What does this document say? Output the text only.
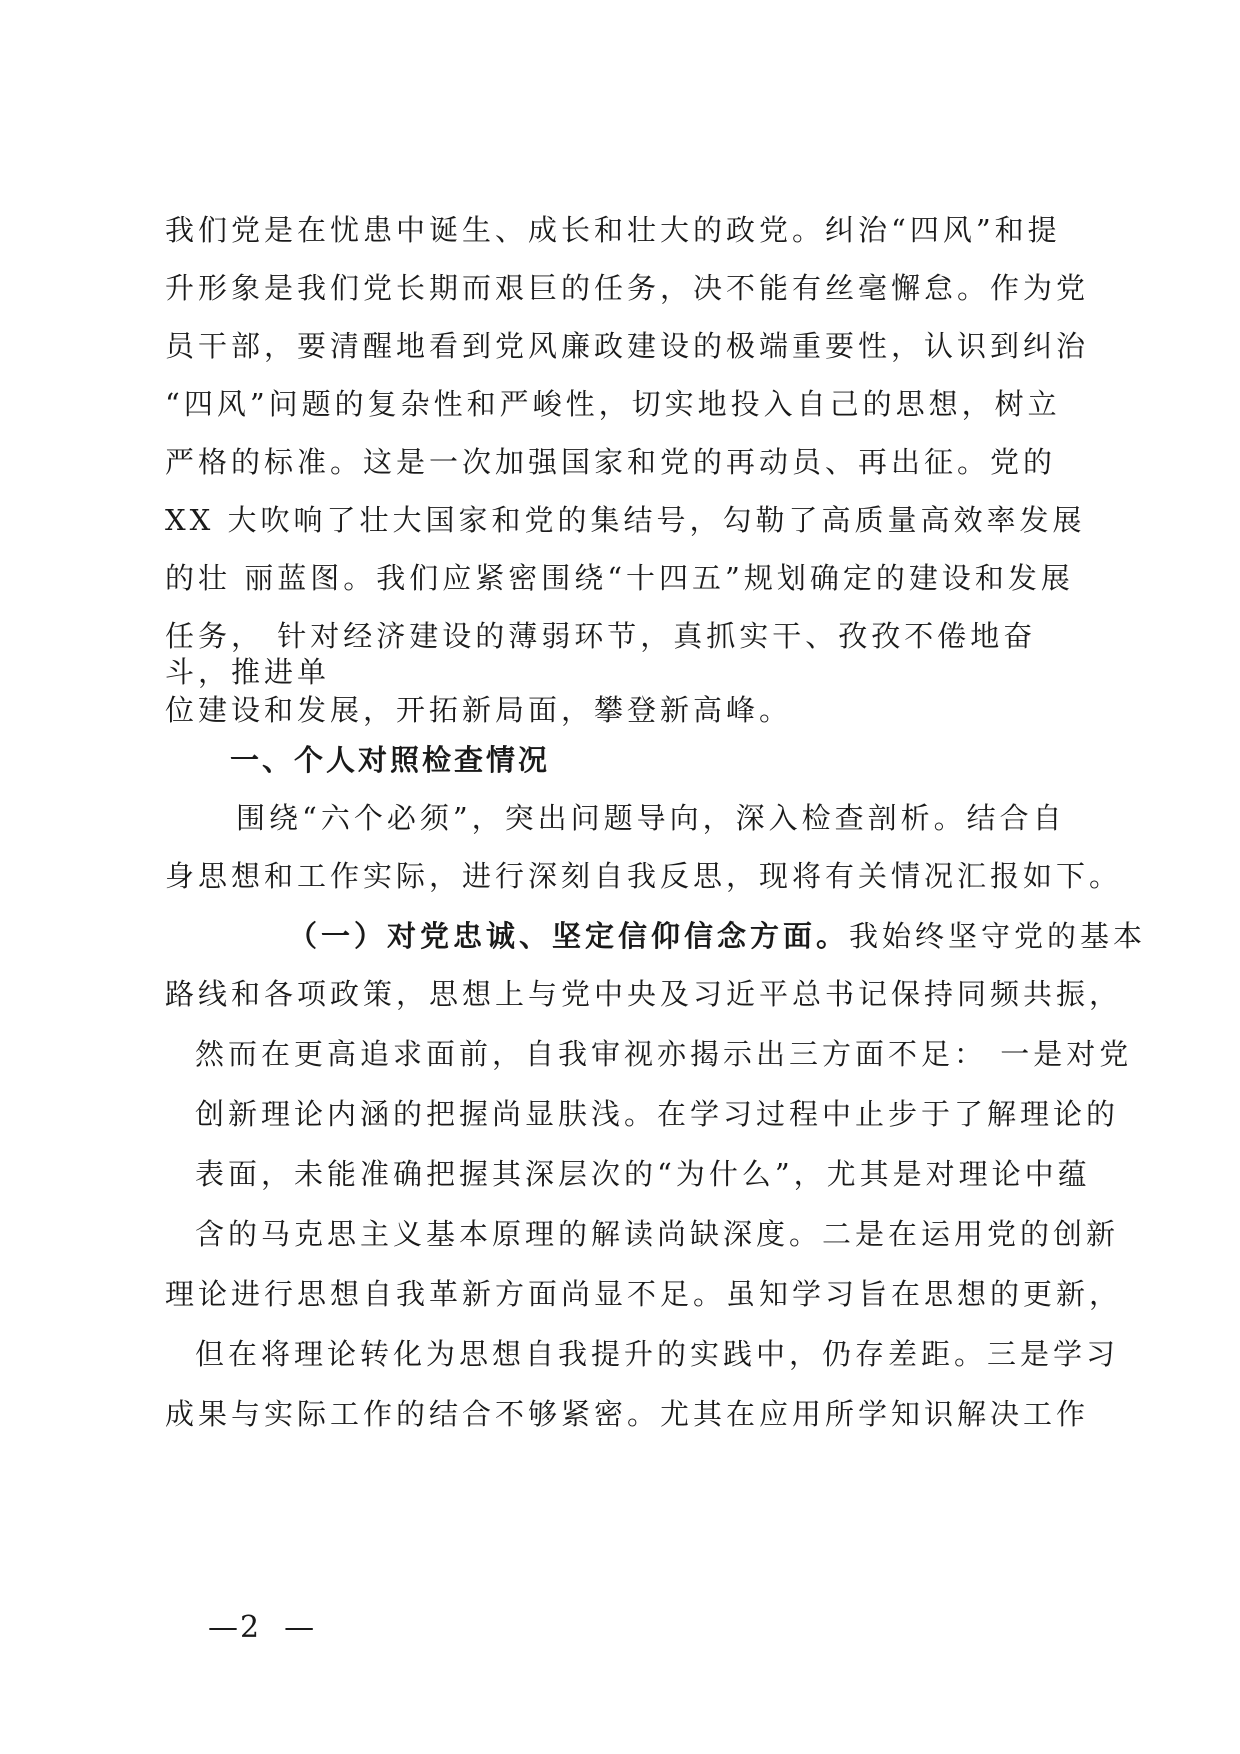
我们党是在忧患中诞生、成长和壮大的政党。纠治“四风”和提
升形象是我们党长期而艰巨的任务，决不能有丝毫懈怠。作为党
员干部，要清醒地看到党风廉政建设的极端重要性，认识到纠治
“四风”问题的复杂性和严峻性，切实地投入自己的思想，树立
严格的标准。这是一次加强国家和党的再动员、再出征。党的
XX 大吹响了壮大国家和党的集结号，勾勒了高质量高效率发展
的壮 丽蓝图。我们应紧密围绕“十四五”规划确定的建设和发展
任务， 针对经济建设的薄弱环节，真抓实干、孜孜不倦地奋
斗，推进单
位建设和发展，开拓新局面，攀登新高峰。
一、个人对照检查情况
围绕“六个必须”，突出问题导向，深入检查剖析。结合自
身思想和工作实际，进行深刻自我反思，现将有关情况汇报如下。
（一）对党忠诚、坚定信仰信念方面。我始终坚守党的基本
路线和各项政策，思想上与党中央及习近平总书记保持同频共振，
然而在更高追求面前，自我审视亦揭示出三方面不足： 一是对党
创新理论内涵的把握尚显肤浅。在学习过程中止步于了解理论的
表面，未能准确把握其深层次的“为什么”，尤其是对理论中蕴
含的马克思主义基本原理的解读尚缺深度。二是在运用党的创新
理论进行思想自我革新方面尚显不足。虽知学习旨在思想的更新，
但在将理论转化为思想自我提升的实践中，仍存差距。三是学习
成果与实际工作的结合不够紧密。尤其在应用所学知识解决工作
—2  —
